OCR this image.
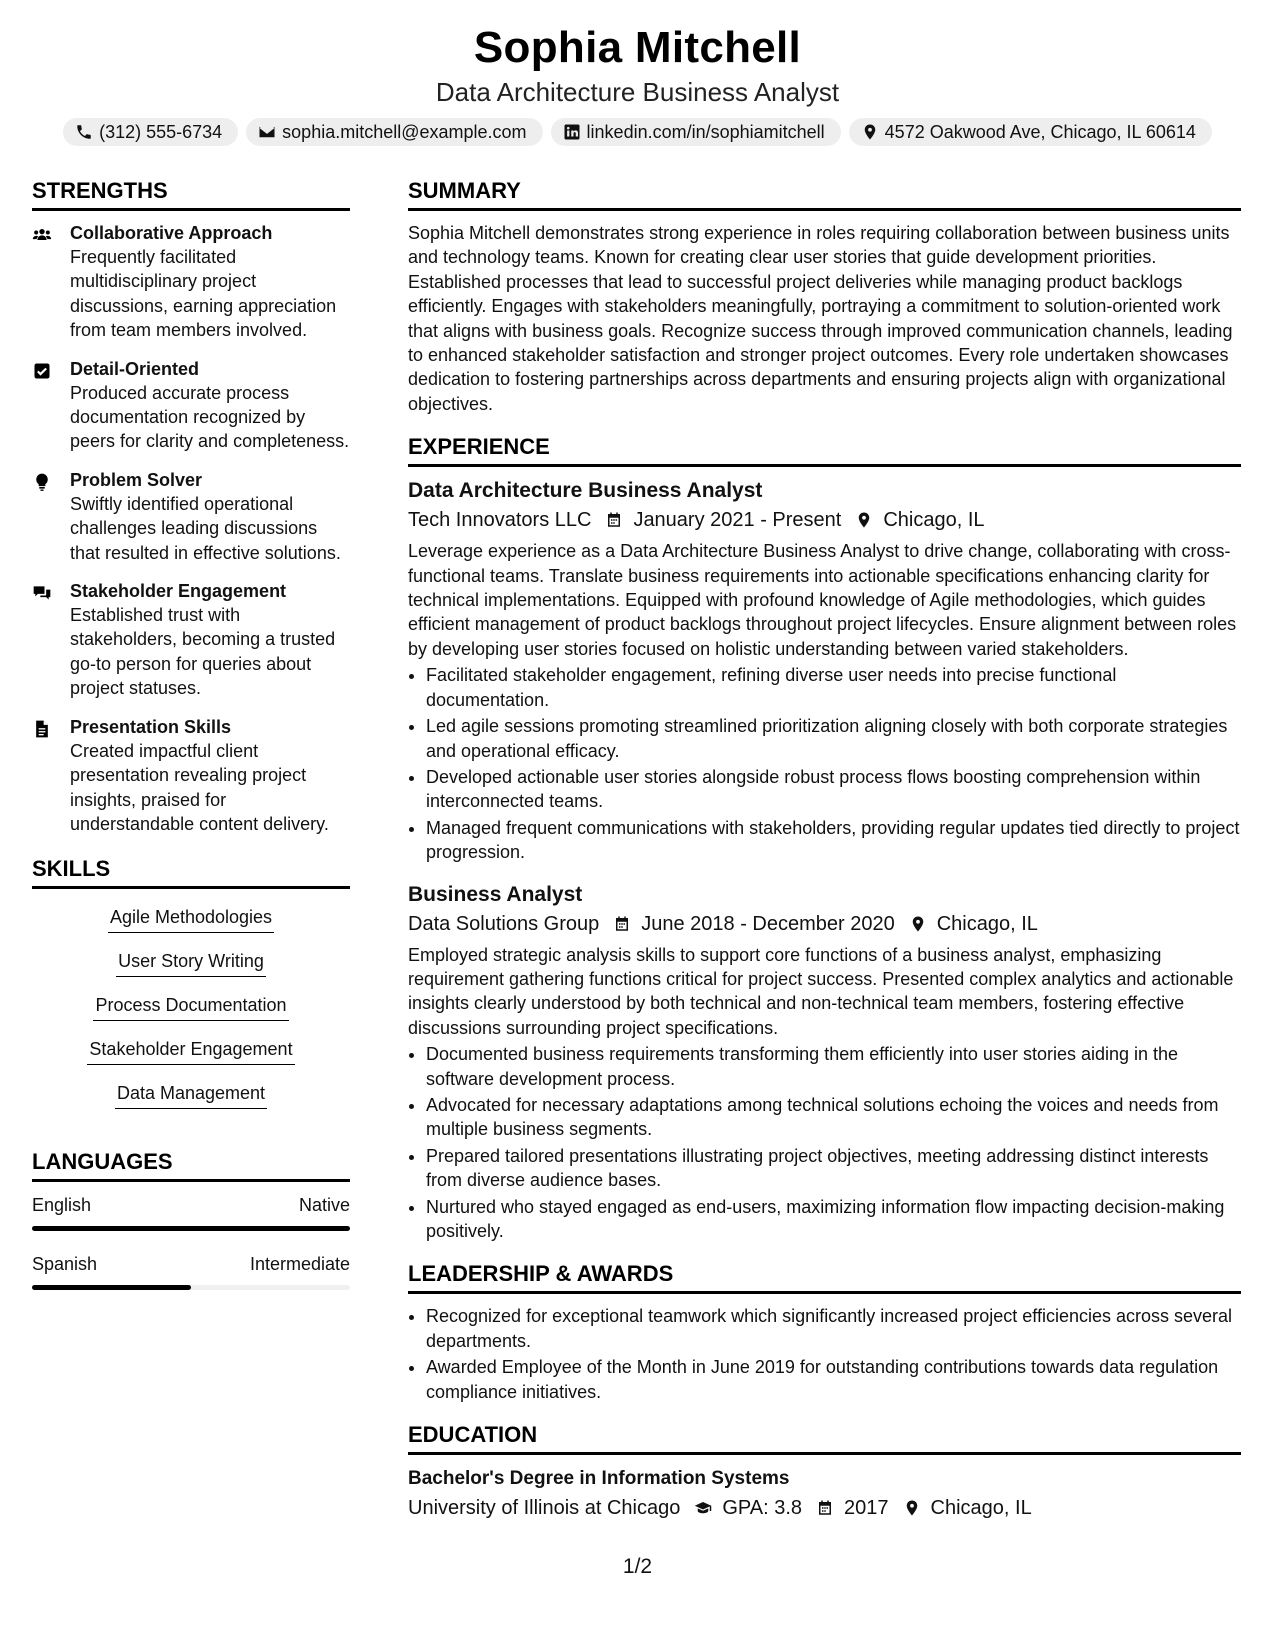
Sophia Mitchell
Data Architecture Business Analyst
(312) 555-6734	sophia.mitchell@example.com	linkedin.com/in/sophiamitchell	4572 Oakwood Ave, Chicago, IL 60614
STRENGTHS
Collaborative Approach
Frequently facilitated multidisciplinary project discussions, earning appreciation from team members involved.
Detail-Oriented
Produced accurate process documentation recognized by peers for clarity and completeness.
Problem Solver
Swiftly identified operational challenges leading discussions that resulted in effective solutions.
Stakeholder Engagement
Established trust with stakeholders, becoming a trusted go-to person for queries about project statuses.
Presentation Skills
Created impactful client presentation revealing project insights, praised for understandable content delivery.
SKILLS
Agile Methodologies
User Story Writing
Process Documentation
Stakeholder Engagement
Data Management
LANGUAGES
English	Native
Spanish	Intermediate
SUMMARY
Sophia Mitchell demonstrates strong experience in roles requiring collaboration between business units and technology teams. Known for creating clear user stories that guide development priorities. Established processes that lead to successful project deliveries while managing product backlogs efficiently. Engages with stakeholders meaningfully, portraying a commitment to solution-oriented work that aligns with business goals. Recognize success through improved communication channels, leading to enhanced stakeholder satisfaction and stronger project outcomes. Every role undertaken showcases dedication to fostering partnerships across departments and ensuring projects align with organizational objectives.
EXPERIENCE
Data Architecture Business Analyst
Tech Innovators LLC January 2021 - Present Chicago, IL
Leverage experience as a Data Architecture Business Analyst to drive change, collaborating with cross-functional teams. Translate business requirements into actionable specifications enhancing clarity for technical implementations. Equipped with profound knowledge of Agile methodologies, which guides efficient management of product backlogs throughout project lifecycles. Ensure alignment between roles by developing user stories focused on holistic understanding between varied stakeholders.
• Facilitated stakeholder engagement, refining diverse user needs into precise functional documentation.
• Led agile sessions promoting streamlined prioritization aligning closely with both corporate strategies and operational efficacy.
• Developed actionable user stories alongside robust process flows boosting comprehension within interconnected teams.
• Managed frequent communications with stakeholders, providing regular updates tied directly to project progression.
Business Analyst
Data Solutions Group June 2018 - December 2020 Chicago, IL
Employed strategic analysis skills to support core functions of a business analyst, emphasizing requirement gathering functions critical for project success. Presented complex analytics and actionable insights clearly understood by both technical and non-technical team members, fostering effective discussions surrounding project specifications.
• Documented business requirements transforming them efficiently into user stories aiding in the software development process.
• Advocated for necessary adaptations among technical solutions echoing the voices and needs from multiple business segments.
• Prepared tailored presentations illustrating project objectives, meeting addressing distinct interests from diverse audience bases.
• Nurtured who stayed engaged as end-users, maximizing information flow impacting decision-making positively.
LEADERSHIP & AWARDS
• Recognized for exceptional teamwork which significantly increased project efficiencies across several departments.
• Awarded Employee of the Month in June 2019 for outstanding contributions towards data regulation compliance initiatives.
EDUCATION
Bachelor's Degree in Information Systems
University of Illinois at Chicago GPA: 3.8 2017 Chicago, IL
1/2
